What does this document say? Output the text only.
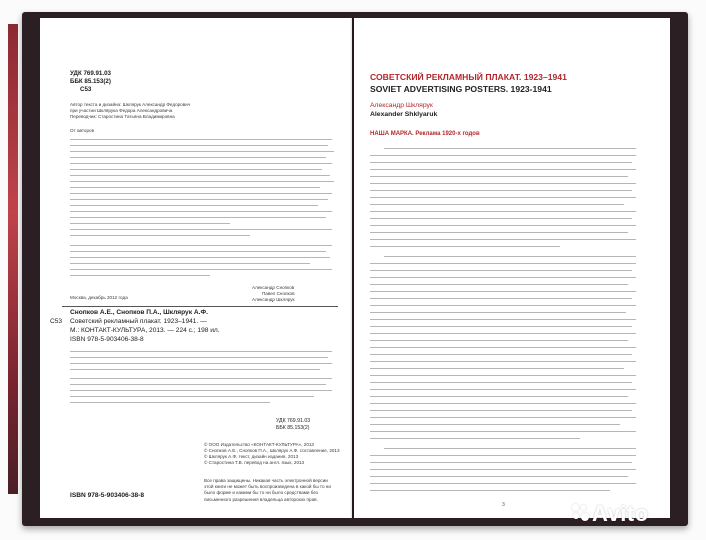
УДК 769.91.03
ББК 85.153(2)
С53
Автор текста и дизайна: Шклярук Александр Федорович
при участии Шклярука Федора Александровича
Переводчик: Старостина Татьяна Владимировна
От авторов
Александр Снопков
Павел Снопков
Александр Шклярук
Москва, декабрь 2012 года
Снопков А.Е., Снопков П.А., Шклярук А.Ф.
С53 Советский рекламный плакат. 1923–1941. —
М.: КОНТАКТ-КУЛЬТУРА, 2013. — 224 с.; 198 ил.
ISBN 978-5-903406-38-8
УДК 769.91.03
ББК 85.153(2)
© ООО Издательство «КОНТАКТ-КУЛЬТУРА», 2013
© Снопков А.Е., Снопков П.А., Шклярук А.Ф. составление, 2013
© Шклярук А.Ф. текст, дизайн издания, 2013
© Старостина Т.В. перевод на англ. язык, 2013
Все права защищены. Никакая часть электронной версии этой книги не может быть воспроизведена в какой бы то ни было форме и какими бы то ни было средствами без письменного разрешения владельца авторских прав.
ISBN 978-5-903406-38-8
СОВЕТСКИЙ РЕКЛАМНЫЙ ПЛАКАТ. 1923–1941
SOVIET ADVERTISING POSTERS. 1923-1941
Александр Шклярук
Alexander Shklyaruk
НАША МАРКА. Реклама 1920-х годов
3	Avito
